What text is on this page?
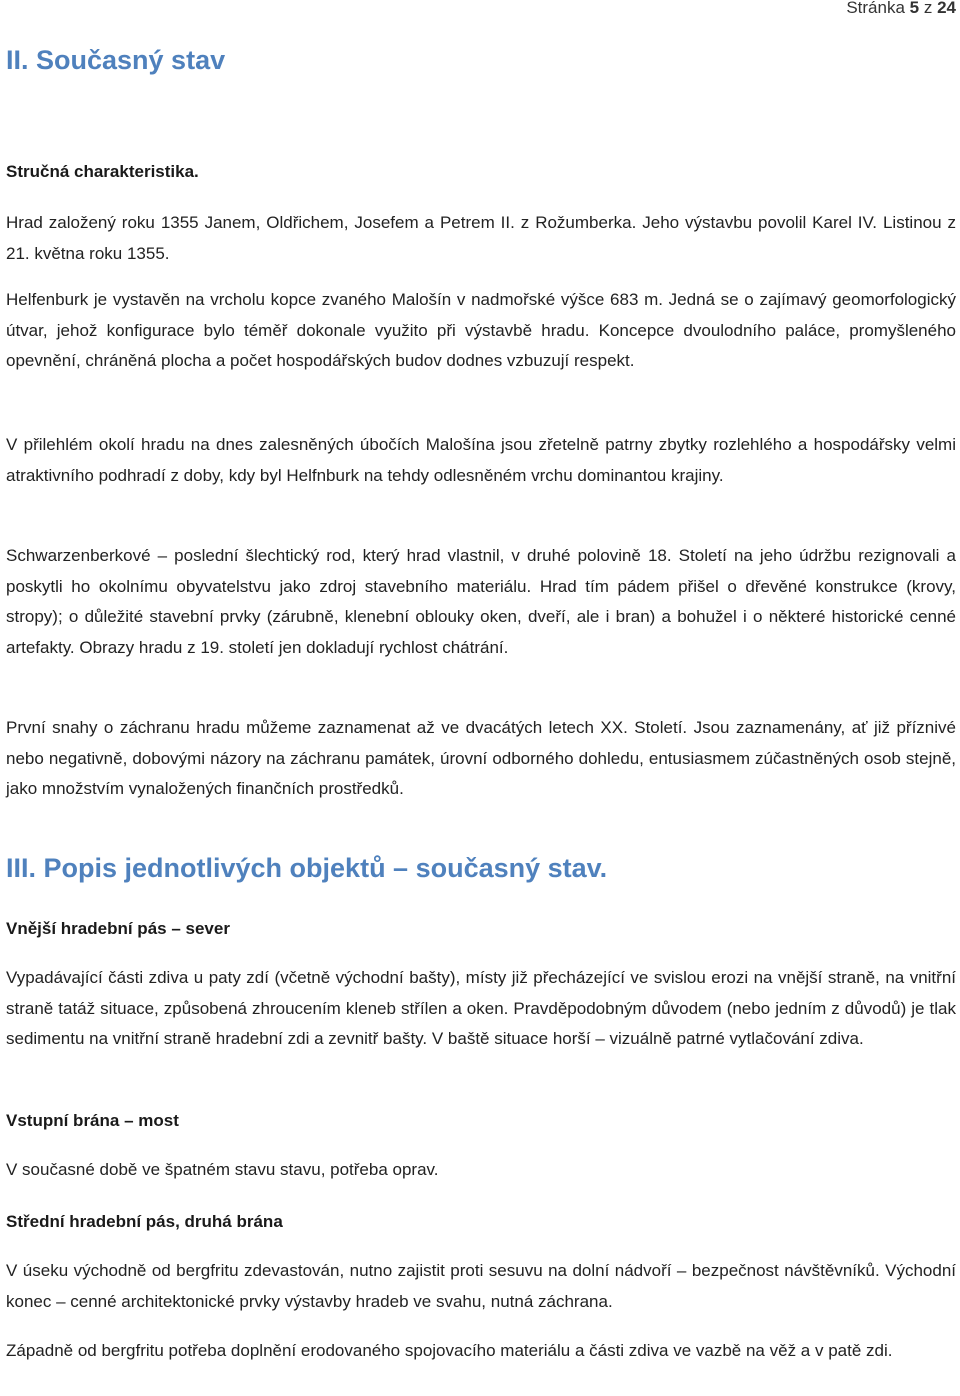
Stránka 5 z 24
II. Současný stav
Stručná charakteristika.

Hrad založený roku 1355 Janem, Oldřichem, Josefem a Petrem II. z Rožumberka. Jeho výstavbu povolil Karel IV. Listinou z 21. května roku 1355.

Helfenburk je vystavěn na vrcholu kopce zvaného Malošín v nadmořské výšce 683 m. Jedná se o zajímavý geomorfologický útvar, jehož konfigurace bylo téměř dokonale využito při výstavbě hradu. Koncepce dvoulodního paláce, promyšleného opevnění, chráněná plocha a počet hospodářských budov dodnes vzbuzují respekt.

V přilehlém okolí hradu na dnes zalesněných úbočích Malošína jsou zřetelně patrny zbytky rozlehlého a hospodářsky velmi atraktivního podhradí z doby, kdy byl Helfnburk na tehdy odlesněném vrchu dominantou krajiny.

Schwarzenberkové – poslední šlechtický rod, který hrad vlastnil, v druhé polovině 18. Století na jeho údržbu rezignovali a poskytli ho okolnímu obyvatelstvu jako zdroj stavebního materiálu. Hrad tím pádem přišel o dřevěné konstrukce (krovy, stropy); o důležité stavební prvky (zárubně, klenební oblouky oken, dveří, ale i bran) a bohužel i o některé historické cenné artefakty. Obrazy hradu z 19. století jen dokladují rychlost chátrání.

První snahy o záchranu hradu můžeme zaznamenat až ve dvacátých letech XX. Století. Jsou zaznamenány, ať již příznivé nebo negativně, dobovými názory na záchranu památek, úrovní odborného dohledu, entusiasmem zúčastněných osob stejně, jako množstvím vynaložených finančních prostředků.

III. Popis jednotlivých objektů – současný stav.
Vnější hradební pás – sever

Vypadávající části zdiva u paty zdí (včetně východní bašty), místy již přecházející ve svislou erozi na vnější straně, na vnitřní straně tatáž situace, způsobená zhroucením kleneb střílen a oken. Pravděpodobným důvodem (nebo jedním z důvodů) je tlak sedimentu na vnitřní straně hradební zdi a zevnitř bašty. V baště situace horší – vizuálně patrné vytlačování zdiva.

Vstupní brána – most

V současné době ve špatném stavu stavu, potřeba oprav.

Střední hradební pás, druhá brána

V úseku východně od bergfritu zdevastován, nutno zajistit proti sesuvu na dolní nádvoří – bezpečnost návštěvníků. Východní konec – cenné architektonické prvky výstavby hradeb ve svahu, nutná záchrana.

Západně od bergfritu potřeba doplnění erodovaného spojovacího materiálu a části zdiva ve vazbě na věž a v patě zdi.
